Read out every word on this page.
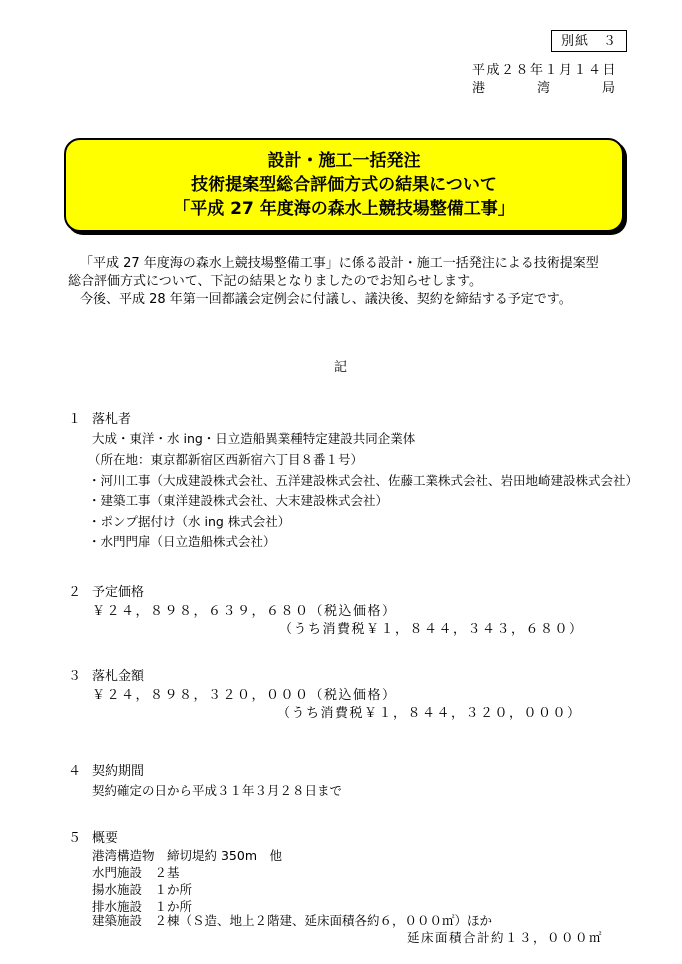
別紙　３
平成２８年１月１４日
港	湾	局
設計・施工一括発注
技術提案型総合評価方式の結果について
「平成 27 年度海の森水上競技場整備工事」
「平成 27 年度海の森水上競技場整備工事」に係る設計・施工一括発注による技術提案型
総合評価方式について、下記の結果となりましたのでお知らせします。
今後、平成 28 年第一回都議会定例会に付議し、議決後、契約を締結する予定です。
記
１ 落札者
大成・東洋・水 ing・日立造船異業種特定建設共同企業体
（所在地：東京都新宿区西新宿六丁目８番１号）
・河川工事（大成建設株式会社、五洋建設株式会社、佐藤工業株式会社、岩田地崎建設株式会社）
・建築工事（東洋建設株式会社、大末建設株式会社）
・ポンプ据付け（水 ing 株式会社）
・水門門扉（日立造船株式会社）
２ 予定価格
￥２４，８９８，６３９，６８０（税込価格）
（うち消費税￥１，８４４，３４３，６８０）
３ 落札金額
￥２４，８９８，３２０，０００（税込価格）
（うち消費税￥１，８４４，３２０，０００）
４ 契約期間
契約確定の日から平成３１年３月２８日まで
５ 概要
港湾構造物　締切堤約 350m　他
水門施設　２基
揚水施設　１か所
排水施設　１か所
建築施設　２棟（Ｓ造、地上２階建、延床面積各約６，０００㎡）ほか
延床面積合計約１３，０００㎡
